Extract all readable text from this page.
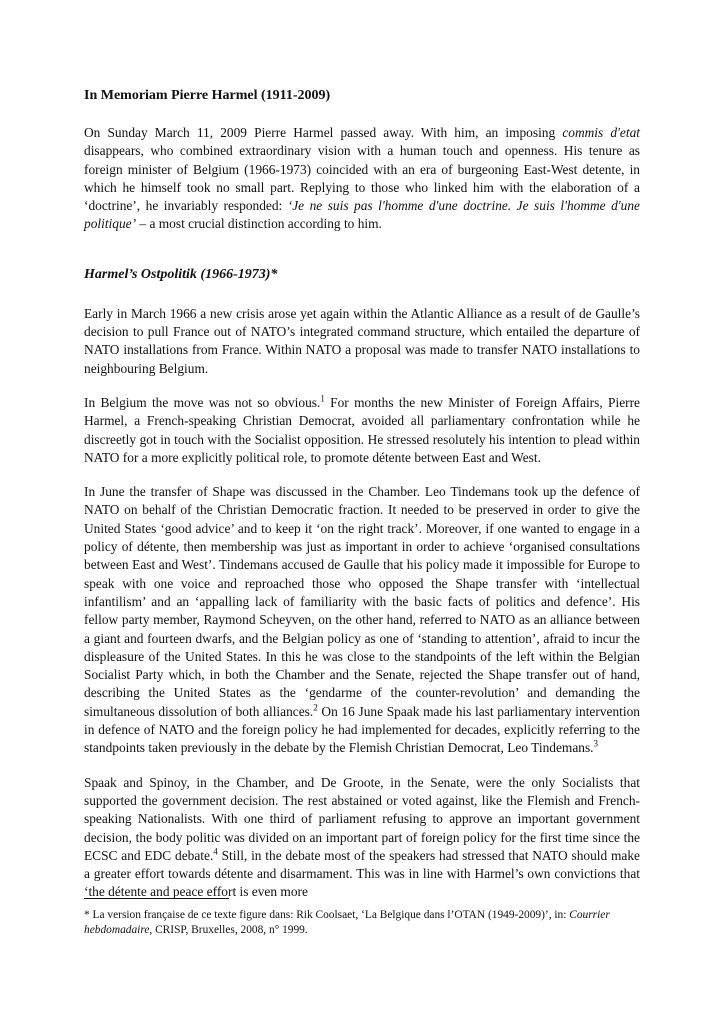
In Memoriam Pierre Harmel (1911-2009)

On Sunday March 11, 2009 Pierre Harmel passed away. With him, an imposing commis d'etat disappears, who combined extraordinary vision with a human touch and openness. His tenure as foreign minister of Belgium (1966-1973) coincided with an era of burgeoning East-West detente, in which he himself took no small part. Replying to those who linked him with the elaboration of a ‘doctrine’, he invariably responded: ‘Je ne suis pas l'homme d'une doctrine. Je suis l'homme d'une politique’ – a most crucial distinction according to him.

Harmel’s Ostpolitik (1966-1973)*

Early in March 1966 a new crisis arose yet again within the Atlantic Alliance as a result of de Gaulle’s decision to pull France out of NATO’s integrated command structure, which entailed the departure of NATO installations from France. Within NATO a proposal was made to transfer NATO installations to neighbouring Belgium.

In Belgium the move was not so obvious.$^1$ For months the new Minister of Foreign Affairs, Pierre Harmel, a French-speaking Christian Democrat, avoided all parliamentary confrontation while he discreetly got in touch with the Socialist opposition. He stressed resolutely his intention to plead within NATO for a more explicitly political role, to promote détente between East and West.

In June the transfer of Shape was discussed in the Chamber. Leo Tindemans took up the defence of NATO on behalf of the Christian Democratic fraction. It needed to be preserved in order to give the United States ‘good advice’ and to keep it ‘on the right track’. Moreover, if one wanted to engage in a policy of détente, then membership was just as important in order to achieve ‘organised consultations between East and West’. Tindemans accused de Gaulle that his policy made it impossible for Europe to speak with one voice and reproached those who opposed the Shape transfer with ‘intellectual infantilism’ and an ‘appalling lack of familiarity with the basic facts of politics and defence’. His fellow party member, Raymond Scheyven, on the other hand, referred to NATO as an alliance between a giant and fourteen dwarfs, and the Belgian policy as one of ‘standing to attention’, afraid to incur the displeasure of the United States. In this he was close to the standpoints of the left within the Belgian Socialist Party which, in both the Chamber and the Senate, rejected the Shape transfer out of hand, describing the United States as the ‘gendarme of the counter-revolution’ and demanding the simultaneous dissolution of both alliances.$^2$ On 16 June Spaak made his last parliamentary intervention in defence of NATO and the foreign policy he had implemented for decades, explicitly referring to the standpoints taken previously in the debate by the Flemish Christian Democrat, Leo Tindemans.$^3$

Spaak and Spinoy, in the Chamber, and De Groote, in the Senate, were the only Socialists that supported the government decision. The rest abstained or voted against, like the Flemish and French-speaking Nationalists. With one third of parliament refusing to approve an important government decision, the body politic was divided on an important part of foreign policy for the first time since the ECSC and EDC debate.$^4$ Still, in the debate most of the speakers had stressed that NATO should make a greater effort towards détente and disarmament. This was in line with Harmel’s own convictions that ‘the détente and peace effort is even more

* La version française de ce texte figure dans: Rik Coolsaet, ‘La Belgique dans l’OTAN (1949-2009)’, in: Courrier hebdomadaire, CRISP, Bruxelles, 2008, n° 1999.
